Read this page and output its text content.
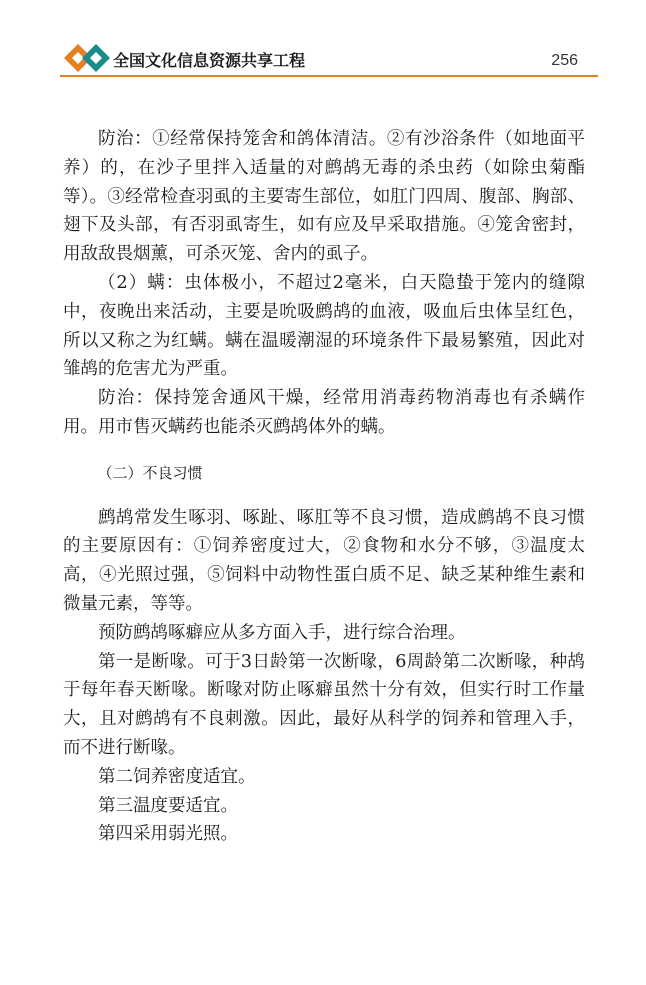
全国文化信息资源共享工程	256

防治：①经常保持笼舍和鸽体清洁。②有沙浴条件（如地面平养）的，在沙子里拌入适量的对鹧鸪无毒的杀虫药（如除虫菊酯等）。③经常检查羽虱的主要寄生部位，如肛门四周、腹部、胸部、翅下及头部，有否羽虱寄生，如有应及早采取措施。④笼舍密封，用敌敌畏烟薰，可杀灭笼、舍内的虱子。

（2）螨：虫体极小，不超过2毫米，白天隐蛰于笼内的缝隙中，夜晚出来活动，主要是吮吸鹧鸪的血液，吸血后虫体呈红色，所以又称之为红螨。螨在温暖潮湿的环境条件下最易繁殖，因此对雏鸪的危害尤为严重。

防治：保持笼舍通风干燥，经常用消毒药物消毒也有杀螨作用。用市售灭螨药也能杀灭鹧鸪体外的螨。

（二）不良习惯

鹧鸪常发生啄羽、啄趾、啄肛等不良习惯，造成鹧鸪不良习惯的主要原因有：①饲养密度过大，②食物和水分不够，③温度太高，④光照过强，⑤饲料中动物性蛋白质不足、缺乏某种维生素和微量元素，等等。

预防鹧鸪啄癖应从多方面入手，进行综合治理。

第一是断喙。可于3日龄第一次断喙，6周龄第二次断喙，种鸪于每年春天断喙。断喙对防止啄癖虽然十分有效，但实行时工作量大，且对鹧鸪有不良刺激。因此，最好从科学的饲养和管理入手，而不进行断喙。

第二饲养密度适宜。

第三温度要适宜。

第四采用弱光照。
